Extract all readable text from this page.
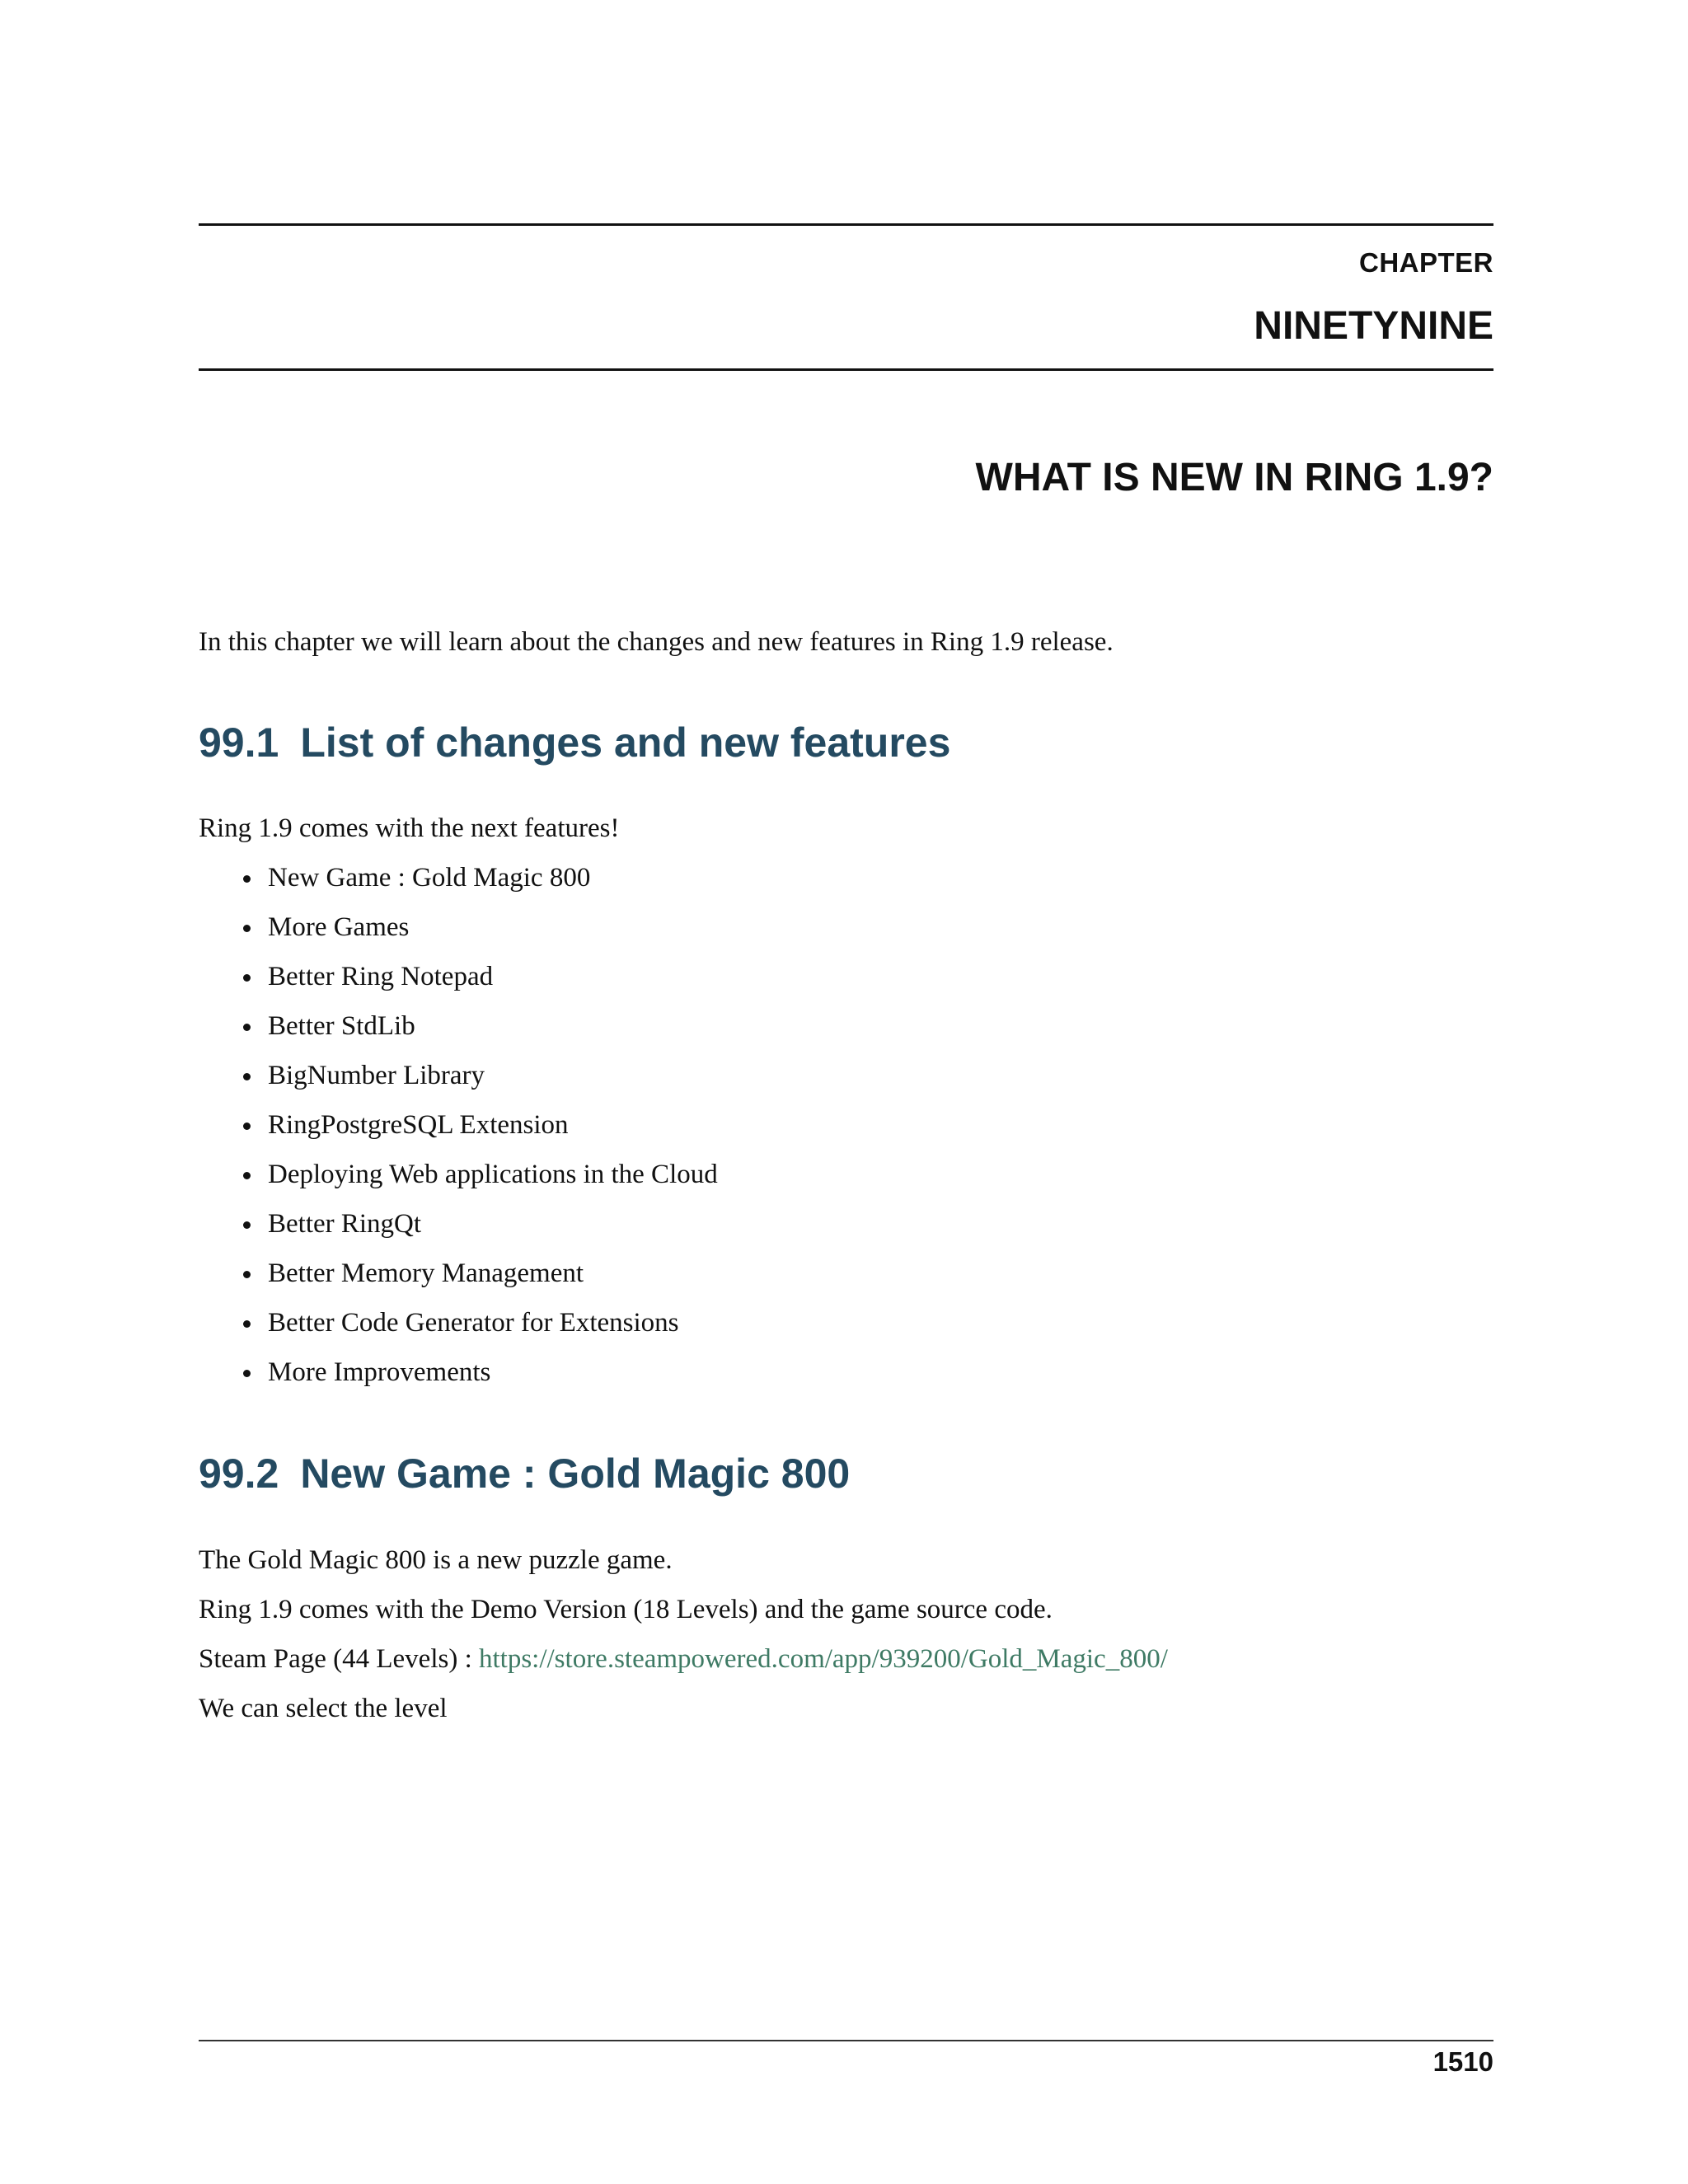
CHAPTER
NINETYNINE
WHAT IS NEW IN RING 1.9?
In this chapter we will learn about the changes and new features in Ring 1.9 release.
99.1 List of changes and new features
Ring 1.9 comes with the next features!
New Game : Gold Magic 800
More Games
Better Ring Notepad
Better StdLib
BigNumber Library
RingPostgreSQL Extension
Deploying Web applications in the Cloud
Better RingQt
Better Memory Management
Better Code Generator for Extensions
More Improvements
99.2 New Game : Gold Magic 800
The Gold Magic 800 is a new puzzle game.
Ring 1.9 comes with the Demo Version (18 Levels) and the game source code.
Steam Page (44 Levels) : https://store.steampowered.com/app/939200/Gold_Magic_800/
We can select the level
1510
